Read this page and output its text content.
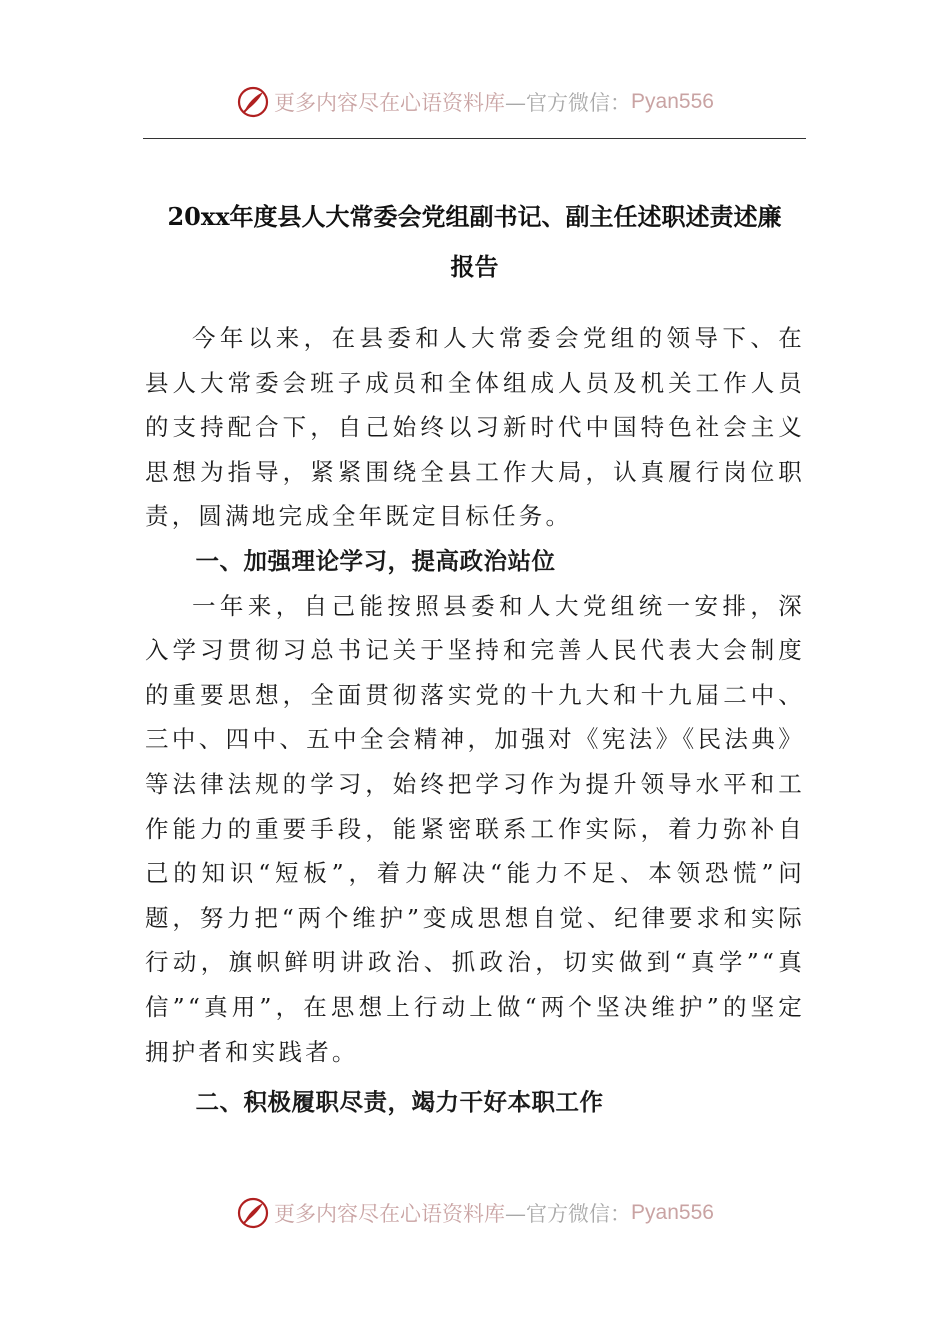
更多内容尽在心语资料库 —官方微信： Pyan556
20xx年度县人大常委会党组副书记、副主任述职述责述廉
报告

今年以来，在县委和人大常委会党组的领导下、在县人大常委会班子成员和全体组成人员及机关工作人员的支持配合下，自己始终以习新时代中国特色社会主义思想为指导，紧紧围绕全县工作大局，认真履行岗位职责，圆满地完成全年既定目标任务。

一、加强理论学习，提高政治站位

一年来，自己能按照县委和人大党组统一安排，深入学习贯彻习总书记关于坚持和完善人民代表大会制度的重要思想，全面贯彻落实党的十九大和十九届二中、三中、四中、五中全会精神，加强对《宪法》《民法典》等法律法规的学习，始终把学习作为提升领导水平和工作能力的重要手段，能紧密联系工作实际，着力弥补自己的知识“短板”，着力解决“能力不足、本领恐慌”问题，努力把“两个维护”变成思想自觉、纪律要求和实际行动，旗帜鲜明讲政治、抓政治，切实做到“真学”“真信”“真用”，在思想上行动上做“两个坚决维护”的坚定拥护者和实践者。

二、积极履职尽责，竭力干好本职工作
更多内容尽在心语资料库 —官方微信： Pyan556
